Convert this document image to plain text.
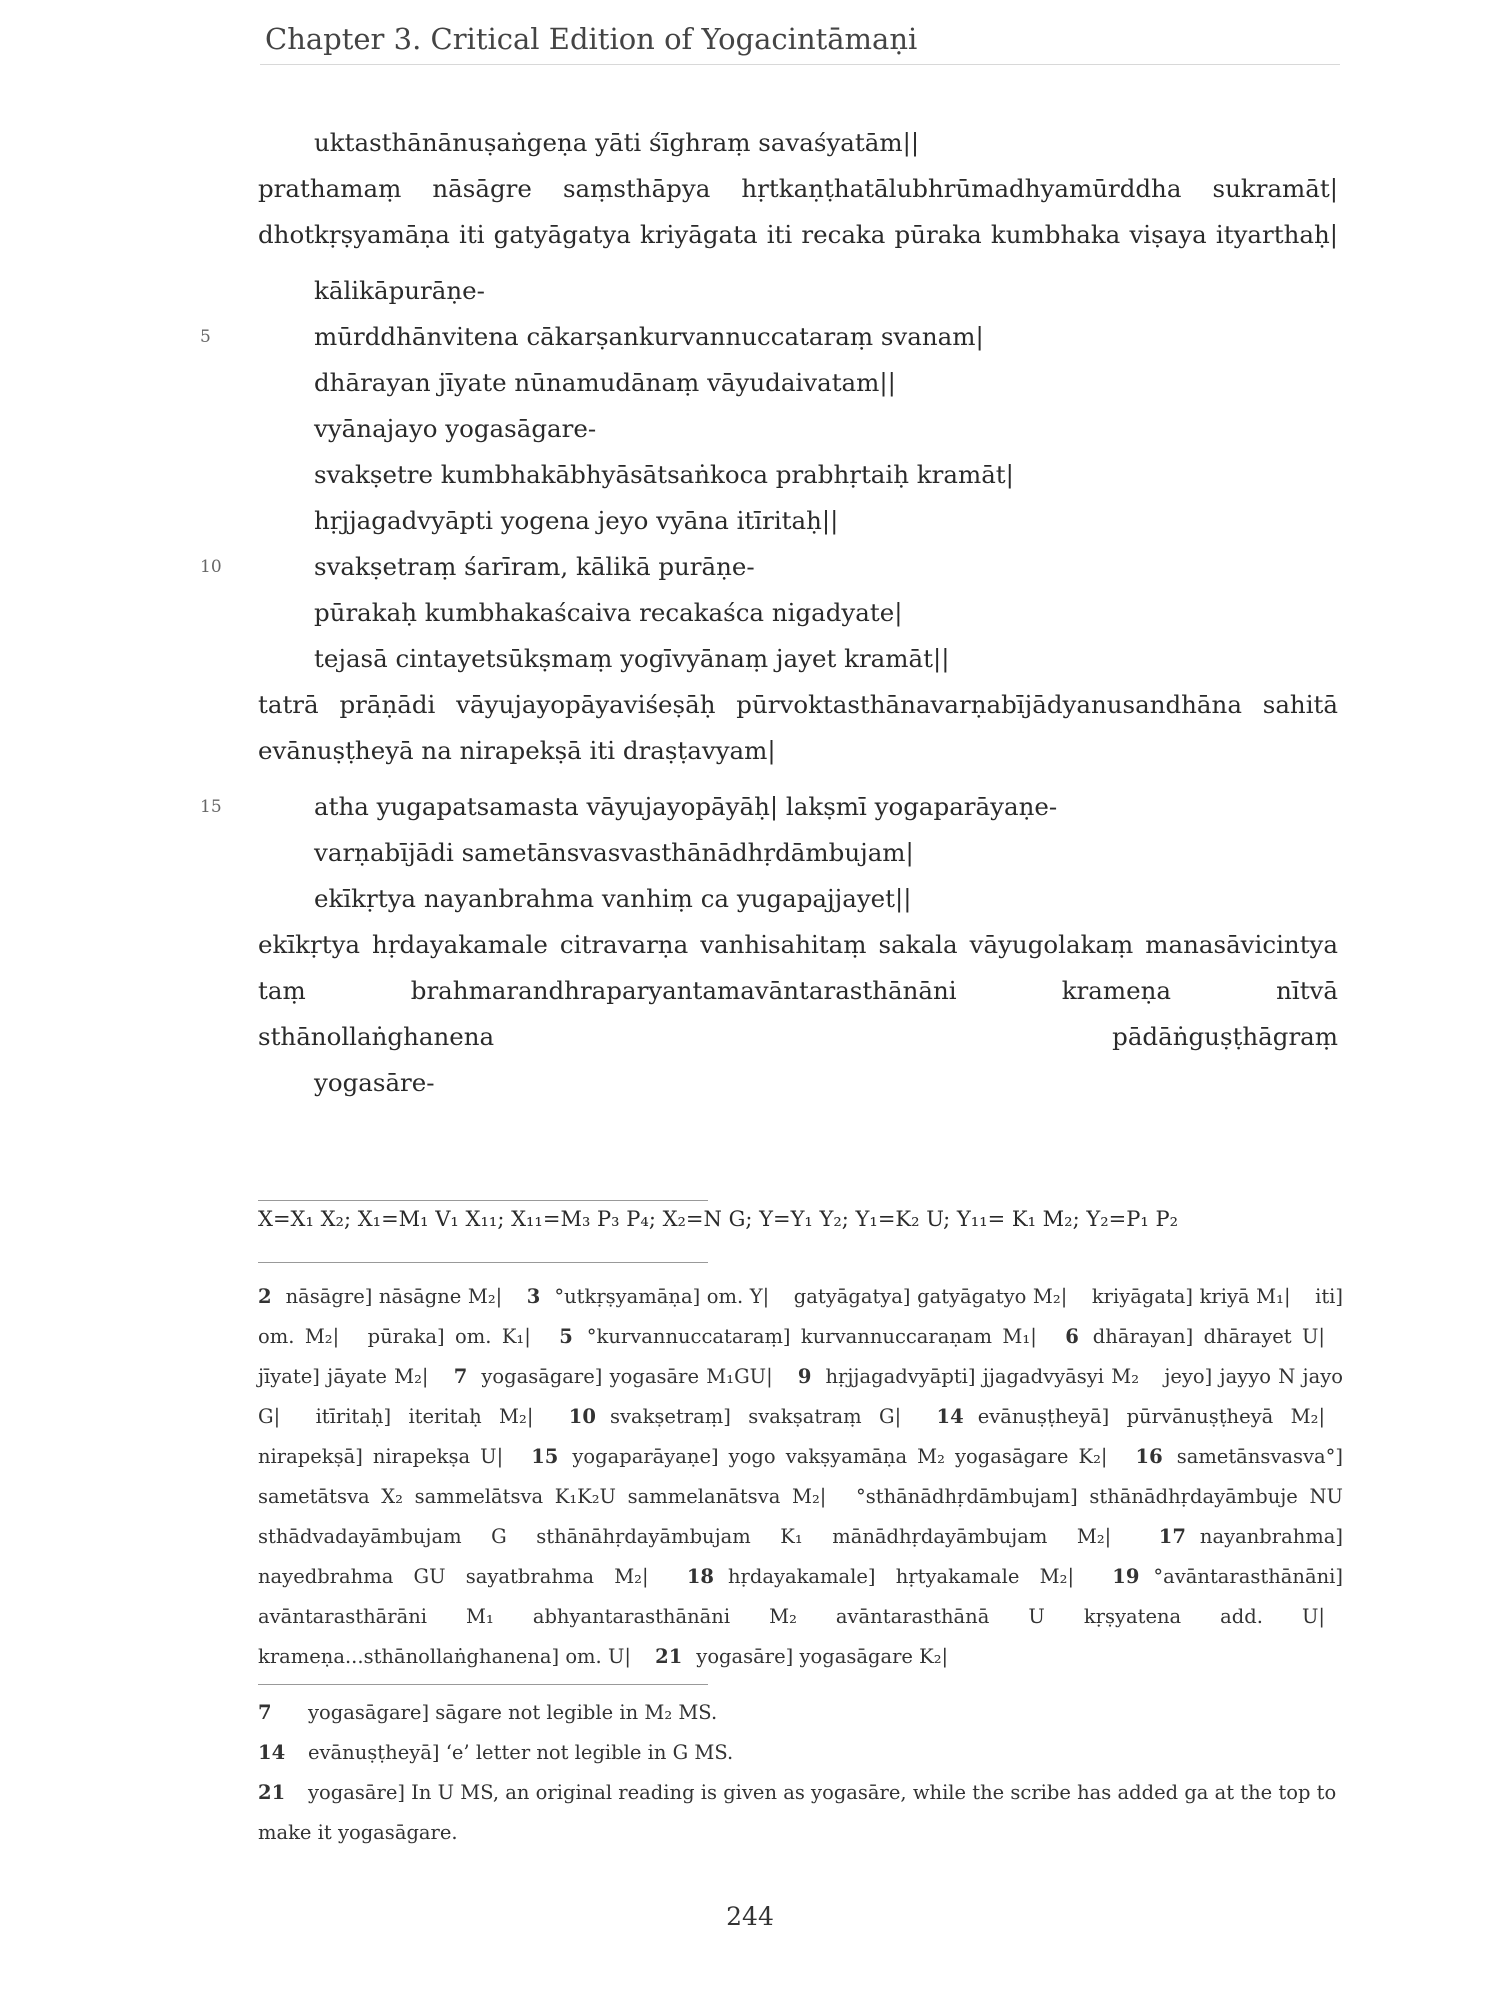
Chapter 3. Critical Edition of Yogacintāmaṇi
uktasthānānuṣaṅgeṇa yāti śīghraṃ savaśyatām||
prathamaṃ nāsāgre saṃsthāpya hṛtkaṇṭhatālubhrūmadhyamūrddha sukramāt|
dhotkṛṣyamāṇa iti gatyāgatya kriyāgata iti recaka pūraka kumbhaka viṣaya ityarthaḥ|
kālikāpurāṇe-
5	mūrddhānvitena cākarṣankurvannuccataraṃ svanam|
dhārayan jīyate nūnamudānaṃ vāyudaivatam||
vyānajayo yogasāgare-
svakṣetre kumbhakābhyāsātsaṅkoca prabhṛtaiḥ kramāt|
hṛjjagadvyāpti yogena jeyo vyāna itīritaḥ||
10	svakṣetraṃ śarīram, kālikā purāṇe-
pūrakaḥ kumbhakaścaiva recakaśca nigadyate|
tejasā cintayetsūkṣmaṃ yogīvyānaṃ jayet kramāt||
tatrā prāṇādi vāyujayopāyaviśeṣāḥ pūrvoktasthānavarṇabījādyanusandhāna sahitā
evānuṣṭheyā na nirapekṣā iti draṣṭavyam|
15	atha yugapatsamasta vāyujayopāyāḥ| lakṣmī yogaparāyaṇe-
varṇabījādi sametānsvasvasthānādhṛdāmbujam|
ekīkṛtya nayanbrahma vanhiṃ ca yugapajjayet||
ekīkṛtya hṛdayakamale citravarṇa vanhisahitaṃ sakala vāyugolakaṃ manasāvicintya
taṃ brahmarandhraparyantamavāntarasthānāni krameṇa nītvā
sthānollaṅghanena pādāṅguṣṭhāgraṃ
yogasāre-
X=X₁ X₂; X₁=M₁ V₁ X₁₁; X₁₁=M₃ P₃ P₄; X₂=N G; Y=Y₁ Y₂; Y₁=K₂ U; Y₁₁= K₁ M₂; Y₂=P₁ P₂
2 nāsāgre] nāsāgne M₂| 3 °utkṛṣyamāṇa] om. Y| gatyāgatya] gatyāgatyo M₂| kriyāgata] kriyā M₁| iti] om. M₂| pūraka] om. K₁| 5 °kurvannuccataraṃ] kurvannuccaraṇam M₁| 6 dhārayan] dhārayet U| jīyate] jāyate M₂| 7 yogasāgare] yogasāre M₁GU| 9 hṛjjagadvyāpti] jjagadvyāsyi M₂ jeyo] jayyo N jayo G| itīritaḥ] iteritaḥ M₂| 10 svakṣetraṃ] svakṣatraṃ G| 14 evānuṣṭheyā] pūrvānuṣṭheyā M₂| nirapekṣā] nirapekṣa U| 15 yogaparāyaṇe] yogo vakṣyamāṇa M₂ yogasāgare K₂| 16 sametānsvasva°] sametātsva X₂ sammelātsva K₁K₂U sammelanātsva M₂| °sthānādhṛdāmbujam] sthānādhṛdayāmbuje NU sthādvadayāmbujam G sthānāhṛdayāmbujam K₁ mānādhṛdayāmbujam M₂| 17 nayanbrahma] nayedbrahma GU sayatbrahma M₂| 18 hṛdayakamale] hṛtyakamale M₂| 19 °avāntarasthānāni] avāntarasthārāni M₁ abhyantarasthānāni M₂ avāntarasthānā U kṛṣyatena add. U| krameṇa...sthānollaṅghanena] om. U| 21 yogasāre] yogasāgare K₂|
7 yogasāgare] sāgare not legible in M₂ MS.
14 evānuṣṭheyā] ‘e’ letter not legible in G MS.
21 yogasāre] In U MS, an original reading is given as yogasāre, while the scribe has added ga at the top to make it yogasāgare.
244
